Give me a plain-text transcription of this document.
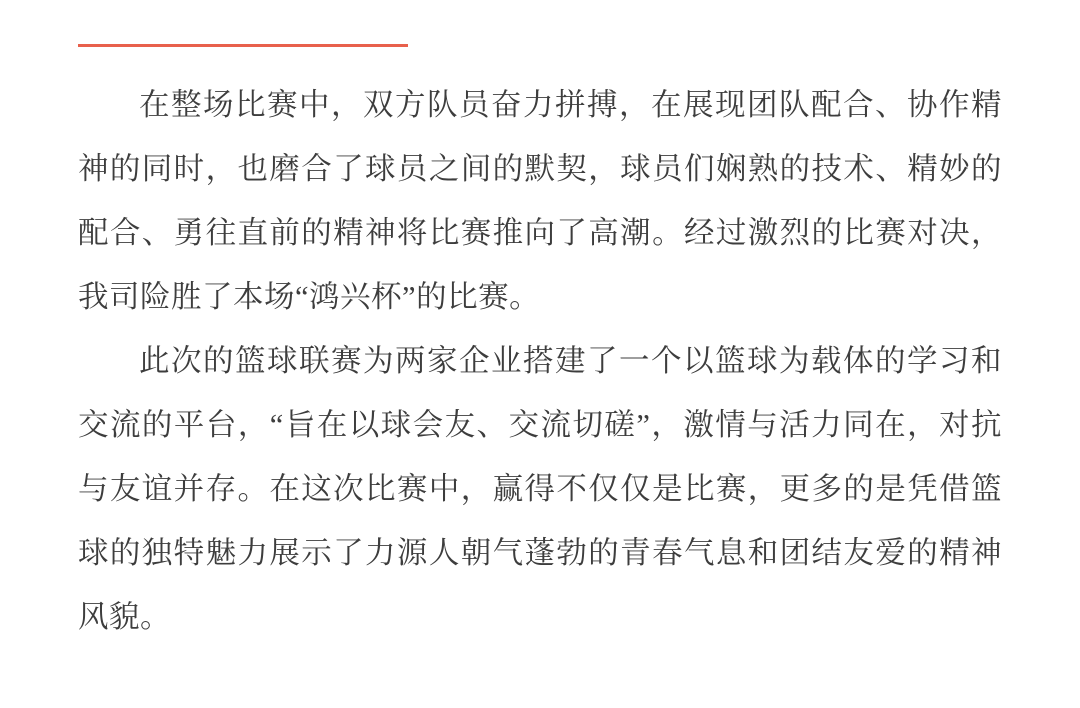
在整场比赛中，双方队员奋力拼搏，在展现团队配合、协作精神的同时，也磨合了球员之间的默契，球员们娴熟的技术、精妙的配合、勇往直前的精神将比赛推向了高潮。经过激烈的比赛对决，我司险胜了本场“鸿兴杯”的比赛。

此次的篮球联赛为两家企业搭建了一个以篮球为载体的学习和交流的平台，“旨在以球会友、交流切磋”，激情与活力同在，对抗与友谊并存。在这次比赛中，赢得不仅仅是比赛，更多的是凭借篮球的独特魅力展示了力源人朝气蓬勃的青春气息和团结友爱的精神风貌。
